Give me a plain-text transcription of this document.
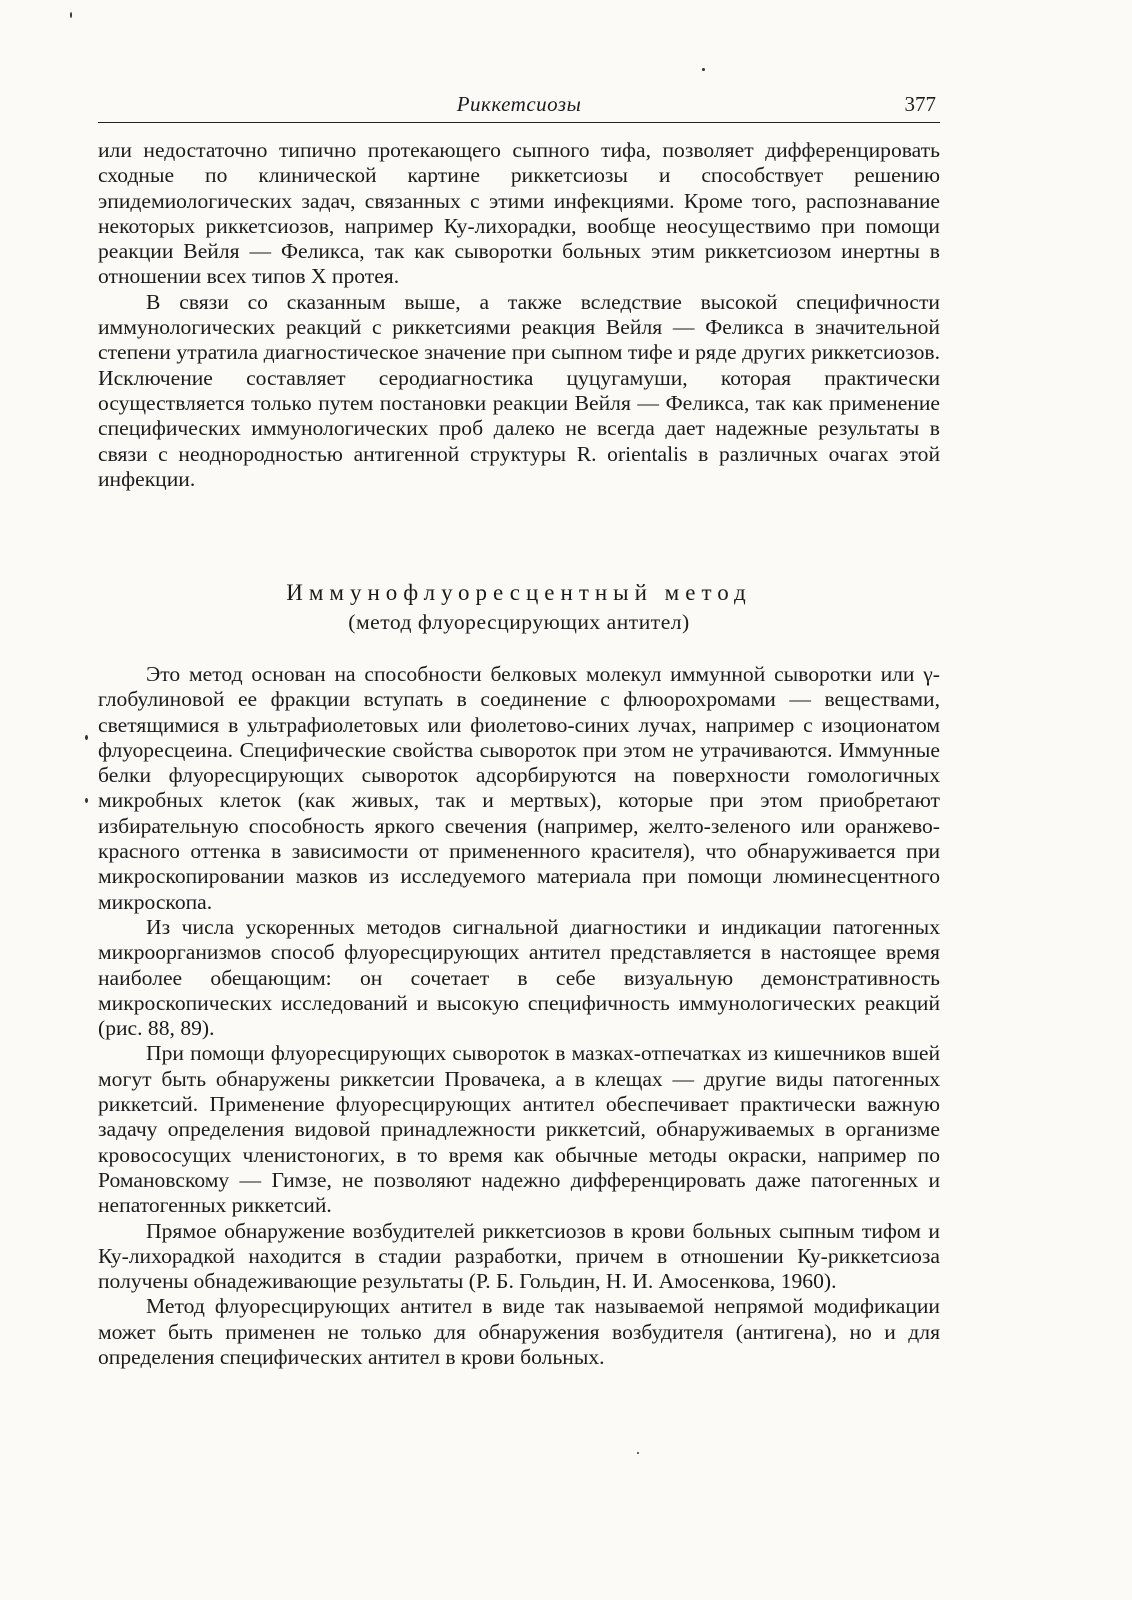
Риккетсиозы	377

или недостаточно типично протекающего сыпного тифа, позволяет дифференцировать сходные по клинической картине риккетсиозы и способствует решению эпидемиологических задач, связанных с этими инфекциями. Кроме того, распознавание некоторых риккетсиозов, например Ку-лихорадки, вообще неосуществимо при помощи реакции Вейля — Феликса, так как сыворотки больных этим риккетсиозом инертны в отношении всех типов X протея.

В связи со сказанным выше, а также вследствие высокой специфичности иммунологических реакций с риккетсиями реакция Вейля — Феликса в значительной степени утратила диагностическое значение при сыпном тифе и ряде других риккетсиозов. Исключение составляет серодиагностика цуцугамуши, которая практически осуществляется только путем постановки реакции Вейля — Феликса, так как применение специфических иммунологических проб далеко не всегда дает надежные результаты в связи с неоднородностью антигенной структуры R. orientalis в различных очагах этой инфекции.

Иммунофлуоресцентный метод
(метод флуоресцирующих антител)

Это метод основан на способности белковых молекул иммунной сыворотки или γ-глобулиновой ее фракции вступать в соединение с флюорохромами — веществами, светящимися в ультрафиолетовых или фиолетово-синих лучах, например с изоционатом флуоресцеина. Специфические свойства сывороток при этом не утрачиваются. Иммунные белки флуоресцирующих сывороток адсорбируются на поверхности гомологичных микробных клеток (как живых, так и мертвых), которые при этом приобретают избирательную способность яркого свечения (например, желто-зеленого или оранжево-красного оттенка в зависимости от примененного красителя), что обнаруживается при микроскопировании мазков из исследуемого материала при помощи люминесцентного микроскопа.

Из числа ускоренных методов сигнальной диагностики и индикации патогенных микроорганизмов способ флуоресцирующих антител представляется в настоящее время наиболее обещающим: он сочетает в себе визуальную демонстративность микроскопических исследований и высокую специфичность иммунологических реакций (рис. 88, 89).

При помощи флуоресцирующих сывороток в мазках-отпечатках из кишечников вшей могут быть обнаружены риккетсии Провачека, а в клещах — другие виды патогенных риккетсий. Применение флуоресцирующих антител обеспечивает практически важную задачу определения видовой принадлежности риккетсий, обнаруживаемых в организме кровососущих членистоногих, в то время как обычные методы окраски, например по Романовскому — Гимзе, не позволяют надежно дифференцировать даже патогенных и непатогенных риккетсий.

Прямое обнаружение возбудителей риккетсиозов в крови больных сыпным тифом и Ку-лихорадкой находится в стадии разработки, причем в отношении Ку-риккетсиоза получены обнадеживающие результаты (Р. Б. Гольдин, Н. И. Амосенкова, 1960).

Метод флуоресцирующих антител в виде так называемой непрямой модификации может быть применен не только для обнаружения возбудителя (антигена), но и для определения специфических антител в крови больных.
